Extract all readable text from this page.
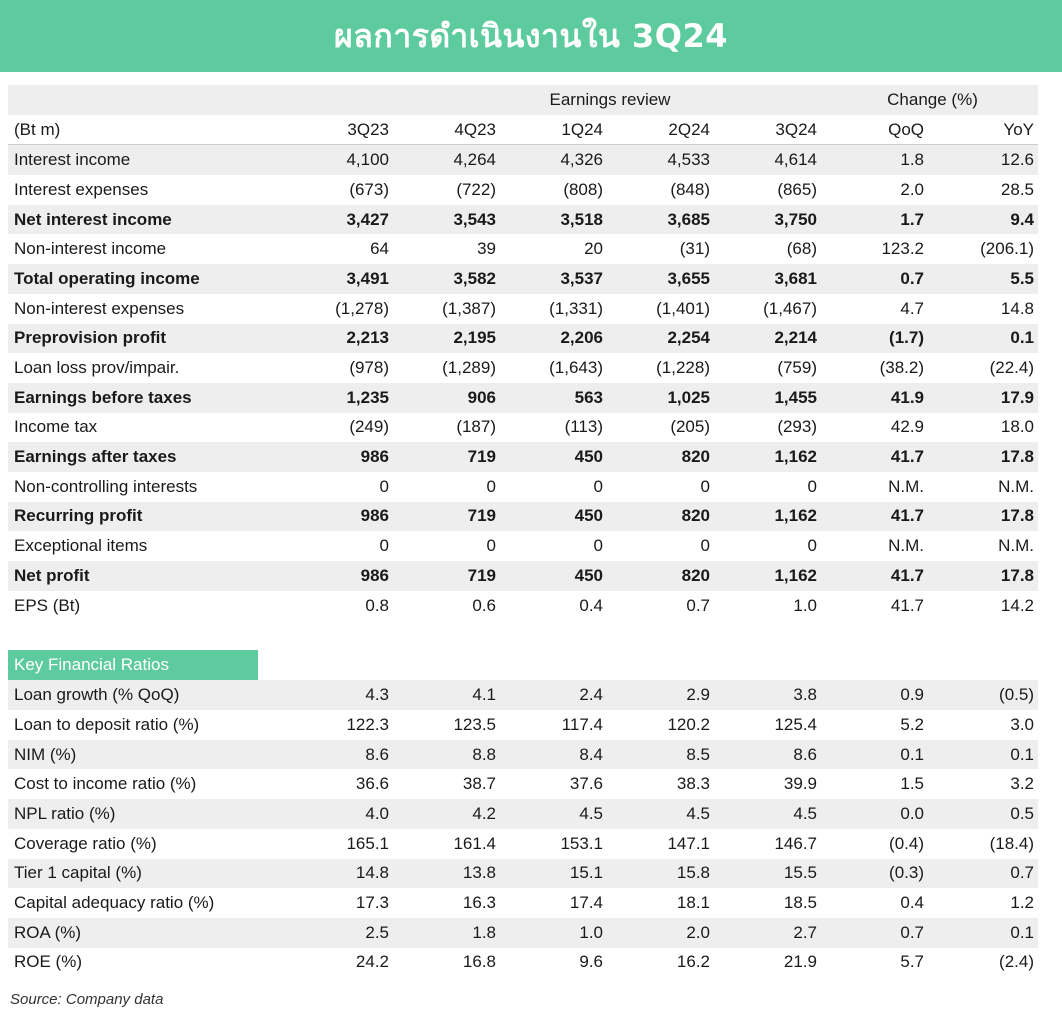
ผลการดำเนินงานใน 3Q24
			Earnings review			Change (%)	
(Bt m)	3Q23	4Q23	1Q24	2Q24	3Q24	QoQ	YoY
Interest income	4,100	4,264	4,326	4,533	4,614	1.8	12.6
Interest expenses	(673)	(722)	(808)	(848)	(865)	2.0	28.5
Net interest income	3,427	3,543	3,518	3,685	3,750	1.7	9.4
Non-interest income	64	39	20	(31)	(68)	123.2	(206.1)
Total operating income	3,491	3,582	3,537	3,655	3,681	0.7	5.5
Non-interest expenses	(1,278)	(1,387)	(1,331)	(1,401)	(1,467)	4.7	14.8
Preprovision profit	2,213	2,195	2,206	2,254	2,214	(1.7)	0.1
Loan loss prov/impair.	(978)	(1,289)	(1,643)	(1,228)	(759)	(38.2)	(22.4)
Earnings before taxes	1,235	906	563	1,025	1,455	41.9	17.9
Income tax	(249)	(187)	(113)	(205)	(293)	42.9	18.0
Earnings after taxes	986	719	450	820	1,162	41.7	17.8
Non-controlling interests	0	0	0	0	0	N.M.	N.M.
Recurring profit	986	719	450	820	1,162	41.7	17.8
Exceptional items	0	0	0	0	0	N.M.	N.M.
Net profit	986	719	450	820	1,162	41.7	17.8
EPS (Bt)	0.8	0.6	0.4	0.7	1.0	41.7	14.2

Key Financial Ratios							
Loan growth (% QoQ)	4.3	4.1	2.4	2.9	3.8	0.9	(0.5)
Loan to deposit ratio (%)	122.3	123.5	117.4	120.2	125.4	5.2	3.0
NIM (%)	8.6	8.8	8.4	8.5	8.6	0.1	0.1
Cost to income ratio (%)	36.6	38.7	37.6	38.3	39.9	1.5	3.2
NPL ratio (%)	4.0	4.2	4.5	4.5	4.5	0.0	0.5
Coverage ratio (%)	165.1	161.4	153.1	147.1	146.7	(0.4)	(18.4)
Tier 1 capital (%)	14.8	13.8	15.1	15.8	15.5	(0.3)	0.7
Capital adequacy ratio (%)	17.3	16.3	17.4	18.1	18.5	0.4	1.2
ROA (%)	2.5	1.8	1.0	2.0	2.7	0.7	0.1
ROE (%)	24.2	16.8	9.6	16.2	21.9	5.7	(2.4)
Source: Company data
